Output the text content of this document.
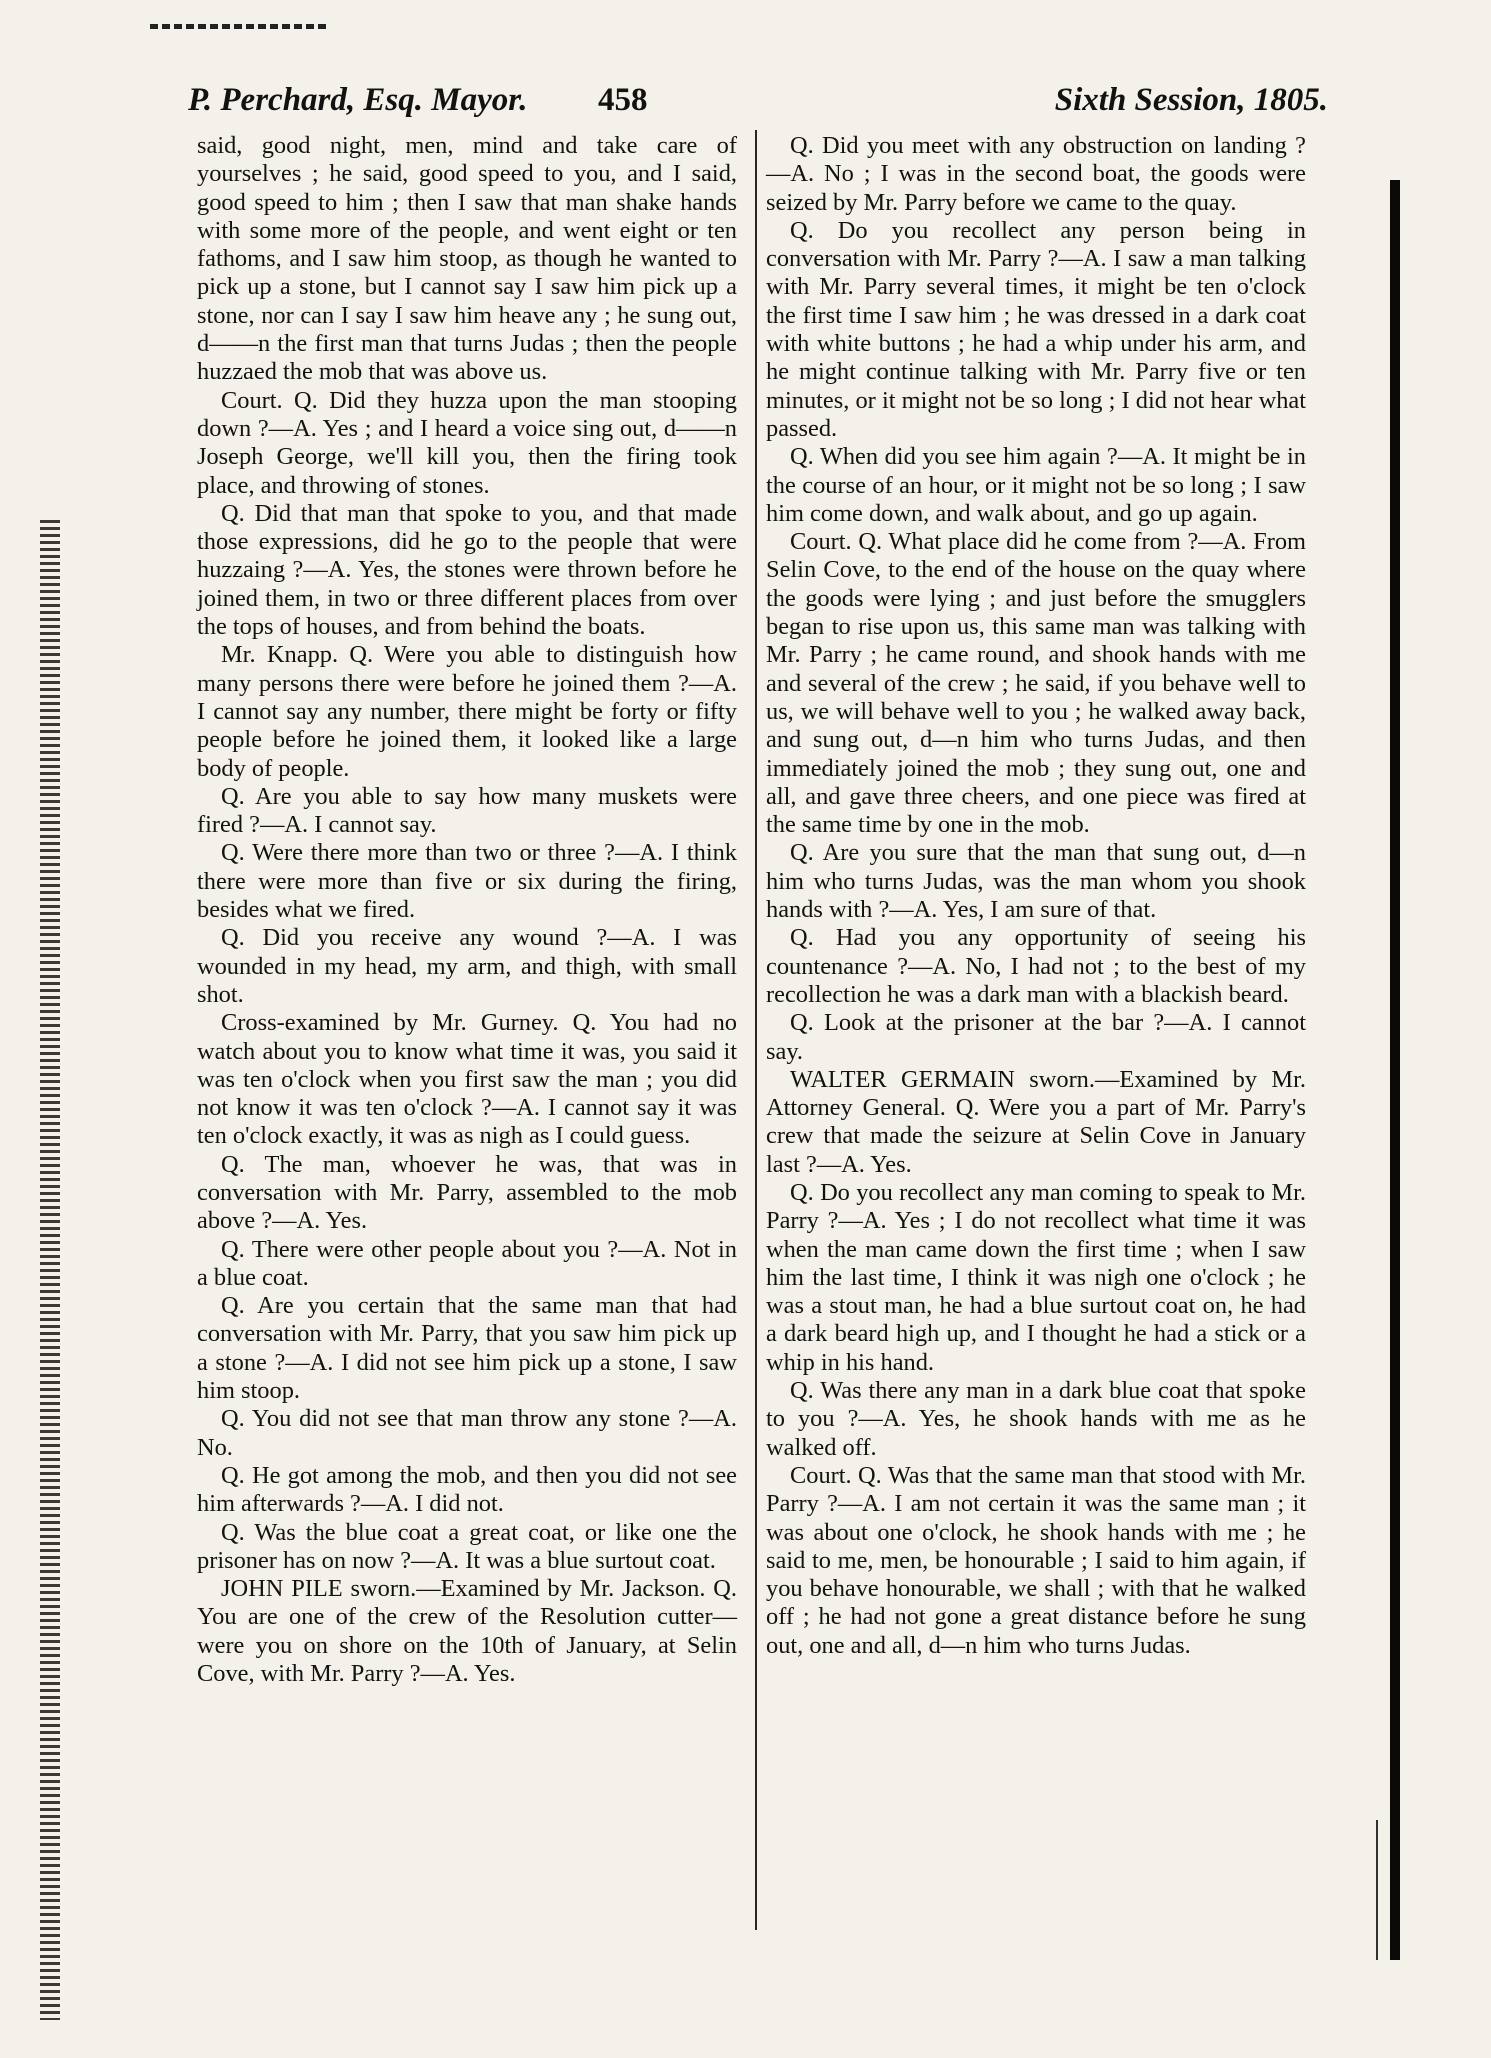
P. Perchard, Esq. Mayor. 458	Sixth Session, 1805.

said, good night, men, mind and take care of yourselves ; he said, good speed to you, and I said, good speed to him ; then I saw that man shake hands with some more of the people, and went eight or ten fathoms, and I saw him stoop, as though he wanted to pick up a stone, but I cannot say I saw him pick up a stone, nor can I say I saw him heave any ; he sung out, d——n the first man that turns Judas ; then the people huzzaed the mob that was above us.

Court. Q. Did they huzza upon the man stooping down ?—A. Yes ; and I heard a voice sing out, d——n Joseph George, we'll kill you, then the firing took place, and throwing of stones.

Q. Did that man that spoke to you, and that made those expressions, did he go to the people that were huzzaing ?—A. Yes, the stones were thrown before he joined them, in two or three different places from over the tops of houses, and from behind the boats.

Mr. Knapp. Q. Were you able to distinguish how many persons there were before he joined them ?—A. I cannot say any number, there might be forty or fifty people before he joined them, it looked like a large body of people.

Q. Are you able to say how many muskets were fired ?—A. I cannot say.

Q. Were there more than two or three ?—A. I think there were more than five or six during the firing, besides what we fired.

Q. Did you receive any wound ?—A. I was wounded in my head, my arm, and thigh, with small shot.

Cross-examined by Mr. Gurney. Q. You had no watch about you to know what time it was, you said it was ten o'clock when you first saw the man ; you did not know it was ten o'clock ?—A. I cannot say it was ten o'clock exactly, it was as nigh as I could guess.

Q. The man, whoever he was, that was in conversation with Mr. Parry, assembled to the mob above ?—A. Yes.

Q. There were other people about you ?—A. Not in a blue coat.

Q. Are you certain that the same man that had conversation with Mr. Parry, that you saw him pick up a stone ?—A. I did not see him pick up a stone, I saw him stoop.

Q. You did not see that man throw any stone ?—A. No.

Q. He got among the mob, and then you did not see him afterwards ?—A. I did not.

Q. Was the blue coat a great coat, or like one the prisoner has on now ?—A. It was a blue surtout coat.

JOHN PILE sworn.—Examined by Mr. Jackson. Q. You are one of the crew of the Resolution cutter—were you on shore on the 10th of January, at Selin Cove, with Mr. Parry ?—A. Yes.

Q. Did you meet with any obstruction on landing ?—A. No ; I was in the second boat, the goods were seized by Mr. Parry before we came to the quay.

Q. Do you recollect any person being in conversation with Mr. Parry ?—A. I saw a man talking with Mr. Parry several times, it might be ten o'clock the first time I saw him ; he was dressed in a dark coat with white buttons ; he had a whip under his arm, and he might continue talking with Mr. Parry five or ten minutes, or it might not be so long ; I did not hear what passed.

Q. When did you see him again ?—A. It might be in the course of an hour, or it might not be so long ; I saw him come down, and walk about, and go up again.

Court. Q. What place did he come from ?—A. From Selin Cove, to the end of the house on the quay where the goods were lying ; and just before the smugglers began to rise upon us, this same man was talking with Mr. Parry ; he came round, and shook hands with me and several of the crew ; he said, if you behave well to us, we will behave well to you ; he walked away back, and sung out, d—n him who turns Judas, and then immediately joined the mob ; they sung out, one and all, and gave three cheers, and one piece was fired at the same time by one in the mob.

Q. Are you sure that the man that sung out, d—n him who turns Judas, was the man whom you shook hands with ?—A. Yes, I am sure of that.

Q. Had you any opportunity of seeing his countenance ?—A. No, I had not ; to the best of my recollection he was a dark man with a blackish beard.

Q. Look at the prisoner at the bar ?—A. I cannot say.

WALTER GERMAIN sworn.—Examined by Mr. Attorney General. Q. Were you a part of Mr. Parry's crew that made the seizure at Selin Cove in January last ?—A. Yes.

Q. Do you recollect any man coming to speak to Mr. Parry ?—A. Yes ; I do not recollect what time it was when the man came down the first time ; when I saw him the last time, I think it was nigh one o'clock ; he was a stout man, he had a blue surtout coat on, he had a dark beard high up, and I thought he had a stick or a whip in his hand.

Q. Was there any man in a dark blue coat that spoke to you ?—A. Yes, he shook hands with me as he walked off.

Court. Q. Was that the same man that stood with Mr. Parry ?—A. I am not certain it was the same man ; it was about one o'clock, he shook hands with me ; he said to me, men, be honourable ; I said to him again, if you behave honourable, we shall ; with that he walked off ; he had not gone a great distance before he sung out, one and all, d—n him who turns Judas.
